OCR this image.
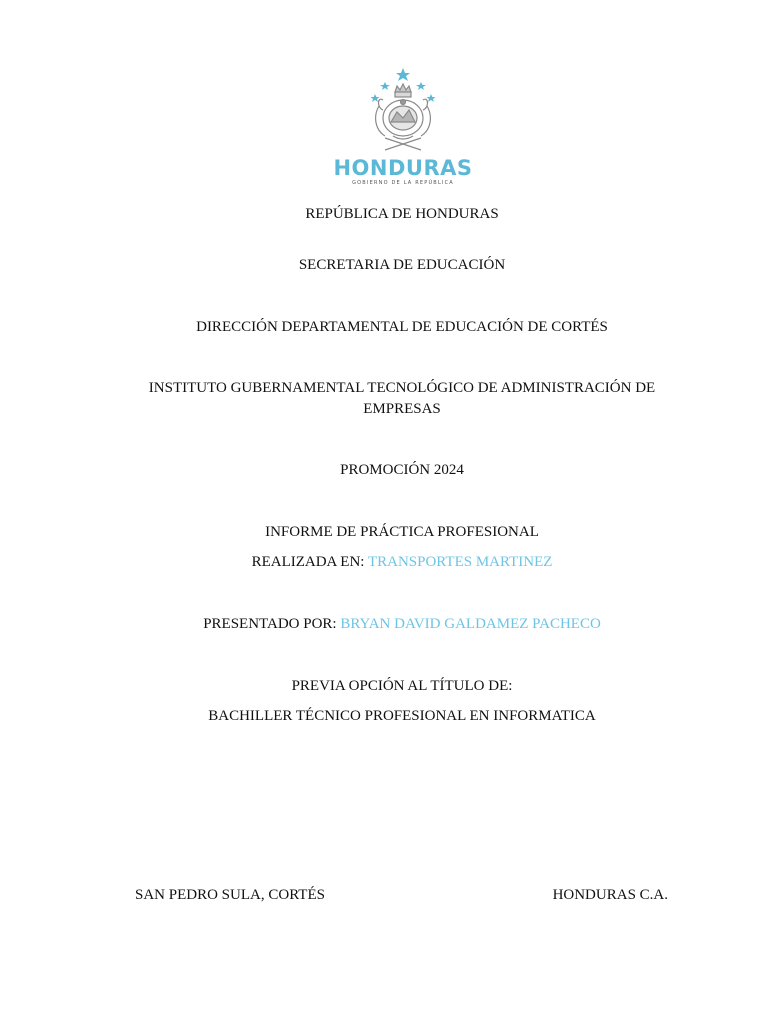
HONDURAS
GOBIERNO DE LA REPÚBLICA

REPÚBLICA DE HONDURAS

SECRETARIA DE EDUCACIÓN

DIRECCIÓN DEPARTAMENTAL DE EDUCACIÓN DE CORTÉS

INSTITUTO GUBERNAMENTAL TECNOLÓGICO DE ADMINISTRACIÓN DE

EMPRESAS

PROMOCIÓN 2024

INFORME DE PRÁCTICA PROFESIONAL

REALIZADA EN: TRANSPORTES MARTINEZ

PRESENTADO POR: BRYAN DAVID GALDAMEZ PACHECO

PREVIA OPCIÓN AL TÍTULO DE:

BACHILLER TÉCNICO PROFESIONAL EN INFORMATICA

SAN PEDRO SULA, CORTÉS	HONDURAS C.A.
